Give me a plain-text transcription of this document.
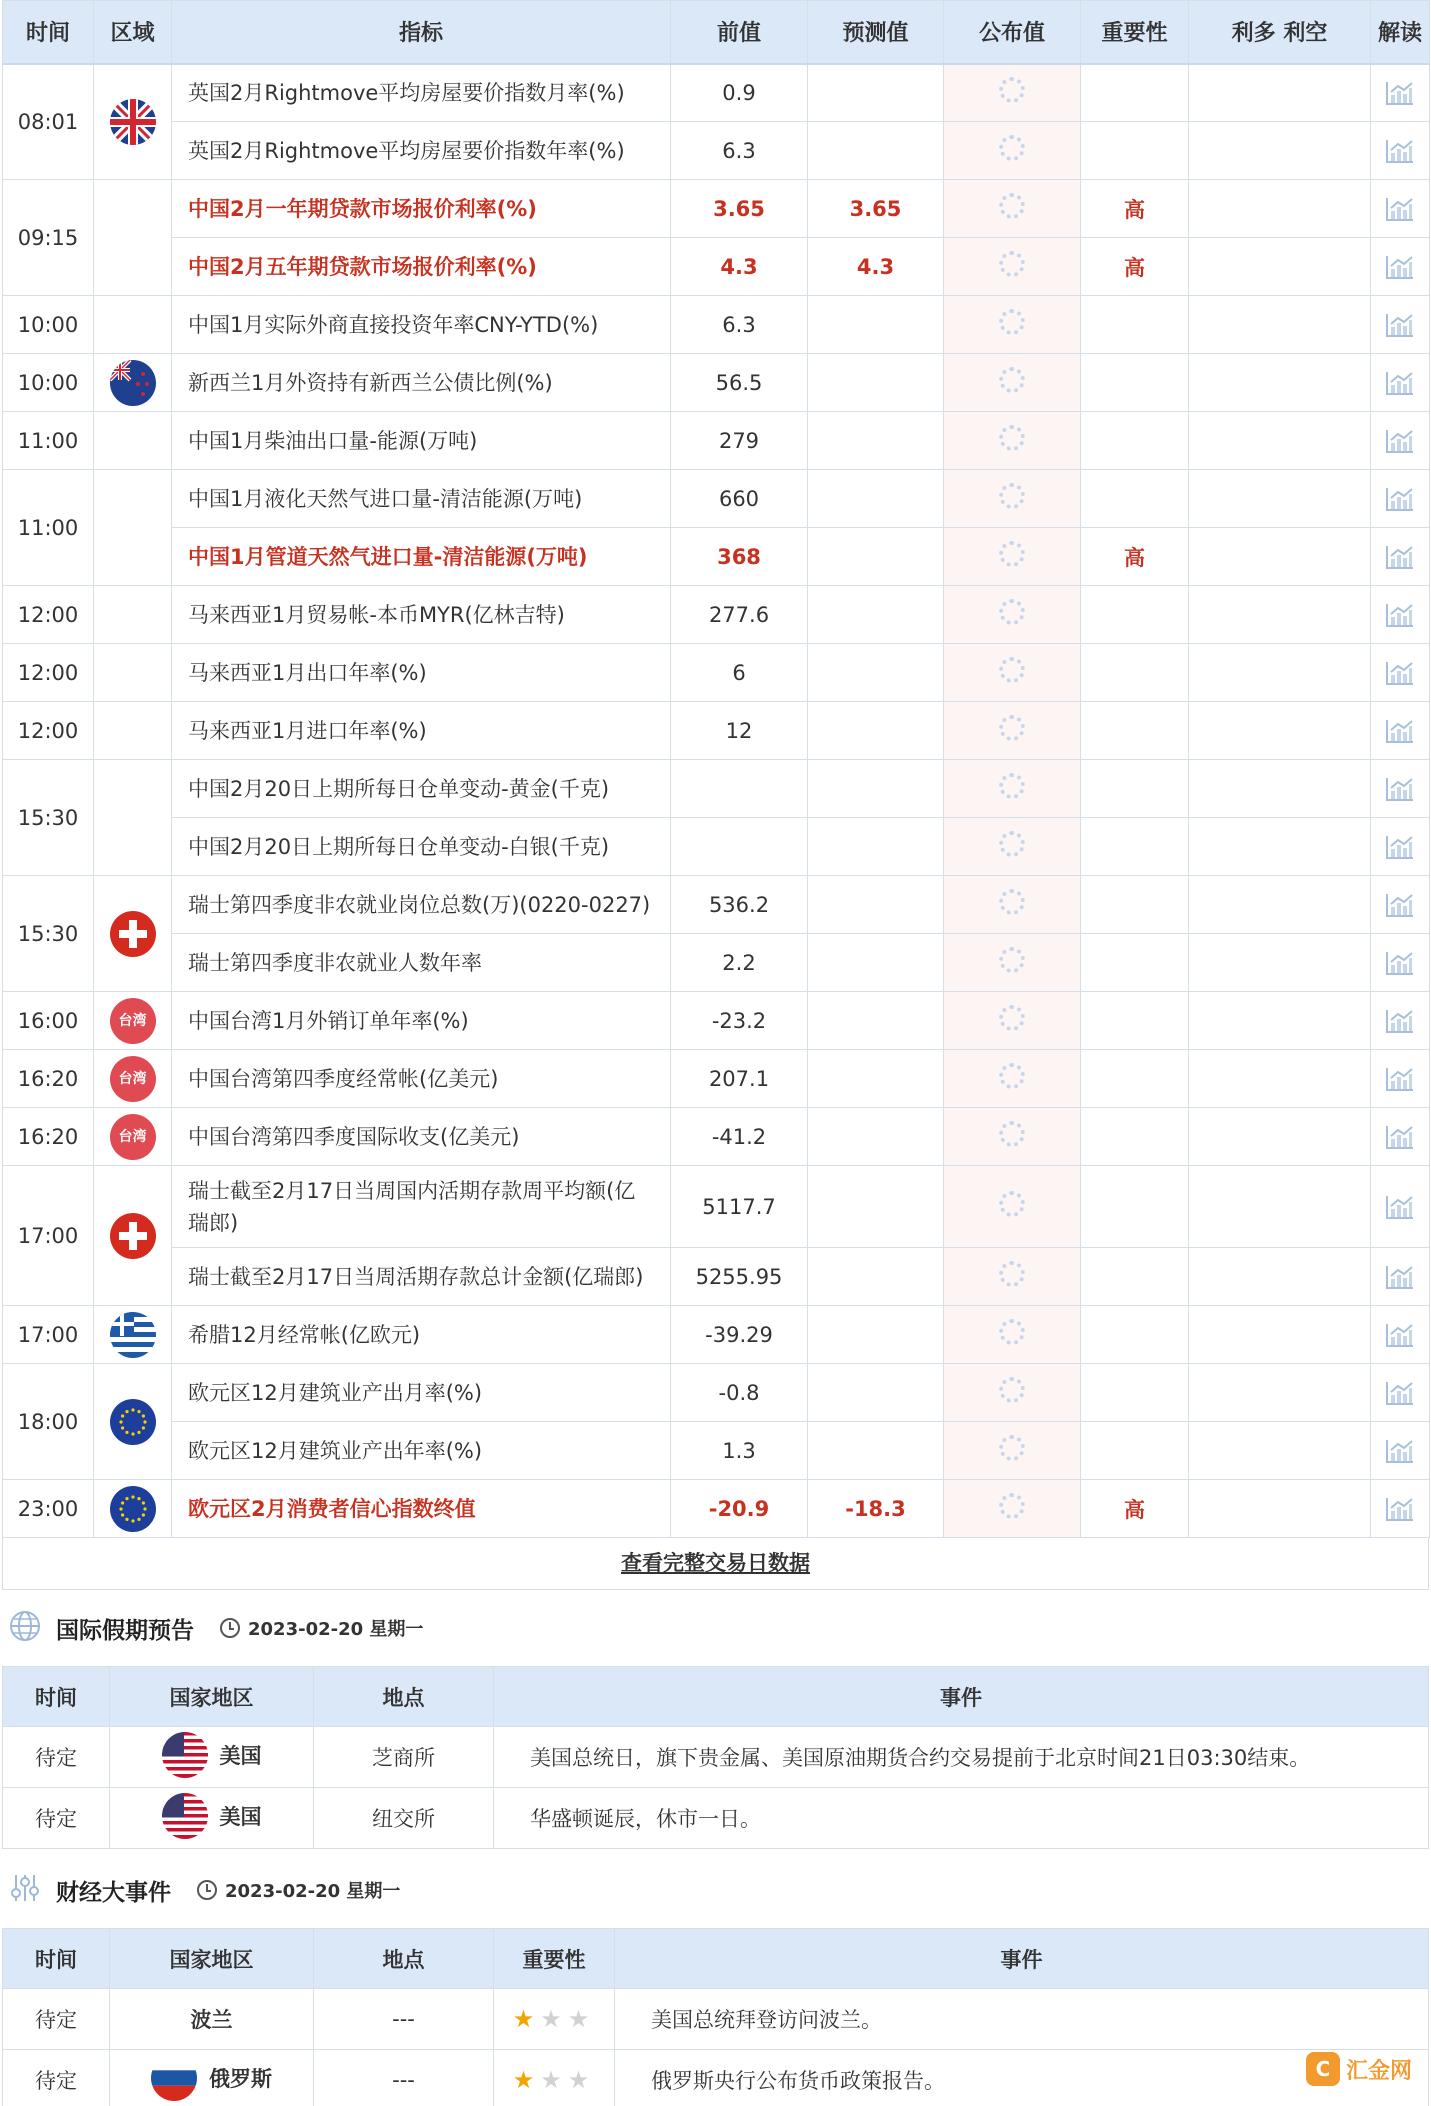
时间	区域	指标	前值	预测值	公布值	重要性	利多 利空	解读
08:01		英国2月Rightmove平均房屋要价指数月率(%)	0.9					
		英国2月Rightmove平均房屋要价指数年率(%)	6.3					
09:15		中国2月一年期贷款市场报价利率(%)	3.65	3.65		高		
		中国2月五年期贷款市场报价利率(%)	4.3	4.3		高		
10:00		中国1月实际外商直接投资年率CNY-YTD(%)	6.3					
10:00		新西兰1月外资持有新西兰公债比例(%)	56.5					
11:00		中国1月柴油出口量-能源(万吨)	279					
11:00		中国1月液化天然气进口量-清洁能源(万吨)	660					
		中国1月管道天然气进口量-清洁能源(万吨)	368			高		
12:00		马来西亚1月贸易帐-本币MYR(亿林吉特)	277.6					
12:00		马来西亚1月出口年率(%)	6					
12:00		马来西亚1月进口年率(%)	12					
15:30		中国2月20日上期所每日仓单变动-黄金(千克)						
		中国2月20日上期所每日仓单变动-白银(千克)						
15:30		瑞士第四季度非农就业岗位总数(万)(0220-0227)	536.2					
		瑞士第四季度非农就业人数年率	2.2					
16:00	台湾	中国台湾1月外销订单年率(%)	-23.2					
16:20	台湾	中国台湾第四季度经常帐(亿美元)	207.1					
16:20	台湾	中国台湾第四季度国际收支(亿美元)	-41.2					
17:00		瑞士截至2月17日当周国内活期存款周平均额(亿瑞郎)	5117.7					
		瑞士截至2月17日当周活期存款总计金额(亿瑞郎)	5255.95					
17:00		希腊12月经常帐(亿欧元)	-39.29					
18:00		欧元区12月建筑业产出月率(%)	-0.8					
		欧元区12月建筑业产出年率(%)	1.3					
23:00		欧元区2月消费者信心指数终值	-20.9	-18.3		高		
查看完整交易日数据
国际假期预告	2023-02-20 星期一
时间	国家地区	地点	事件
待定	美国	芝商所	美国总统日，旗下贵金属、美国原油期货合约交易提前于北京时间21日03:30结束。
待定	美国	纽交所	华盛顿诞辰，休市一日。
财经大事件	2023-02-20 星期一
时间	国家地区	地点	重要性	事件
待定	波兰	---	★★★	美国总统拜登访问波兰。
待定	俄罗斯	---	★★★	俄罗斯央行公布货币政策报告。	C 汇金网
